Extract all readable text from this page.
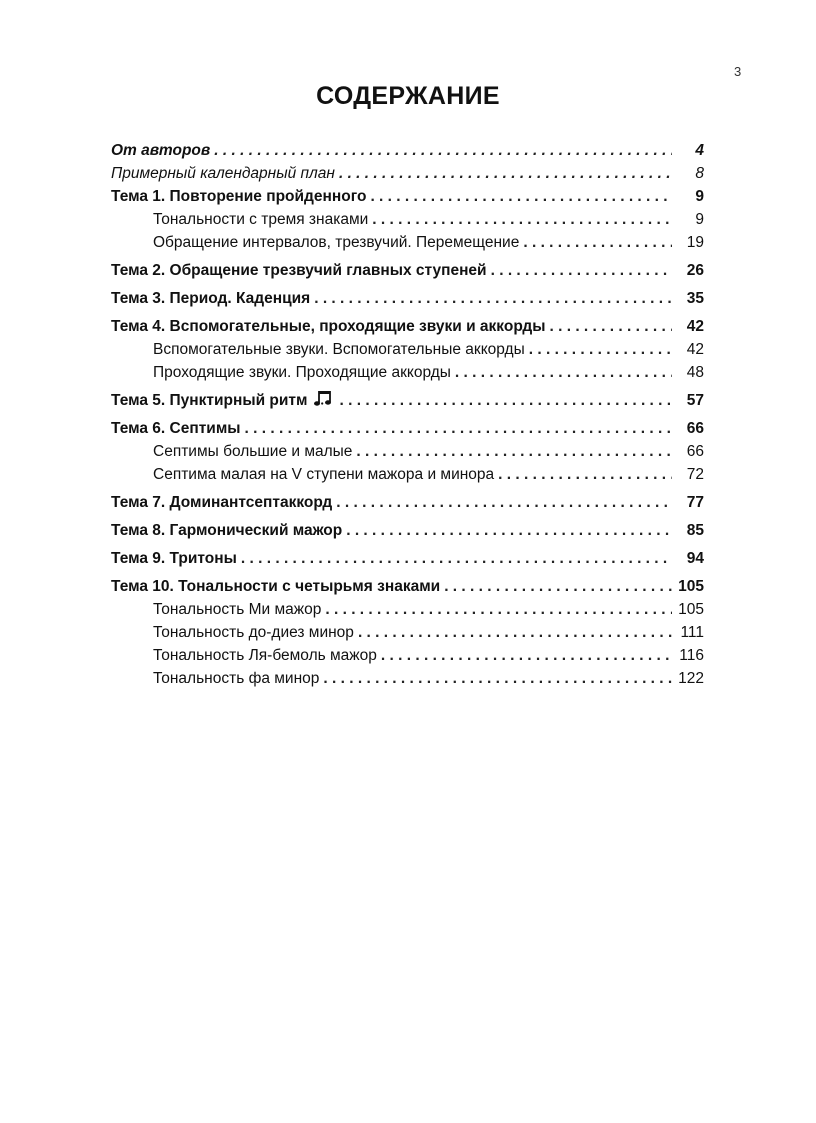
3
СОДЕРЖАНИЕ
От авторов . . .	4
Примерный календарный план . . .	8
Тема 1. Повторение пройденного . . .	9
Тональности с тремя знаками . . .	9
Обращение интервалов, трезвучий. Перемещение . . .	19
Тема 2. Обращение трезвучий главных ступеней . . .	26
Тема 3. Период. Каденция . . .	35
Тема 4. Вспомогательные, проходящие звуки и аккорды . . .	42
Вспомогательные звуки. Вспомогательные аккорды . . .	42
Проходящие звуки. Проходящие аккорды . . .	48
Тема 5. Пунктирный ритм . . .	57
Тема 6. Септимы . . .	66
Септимы большие и малые . . .	66
Септима малая на V ступени мажора и минора . . .	72
Тема 7. Доминантсептаккорд . . .	77
Тема 8. Гармонический мажор . . .	85
Тема 9. Тритоны . . .	94
Тема 10. Тональности с четырьмя знаками . . .	105
Тональность Ми мажор . . .	105
Тональность до-диез минор . . .	111
Тональность Ля-бемоль мажор . . .	116
Тональность фа минор . . .	122
